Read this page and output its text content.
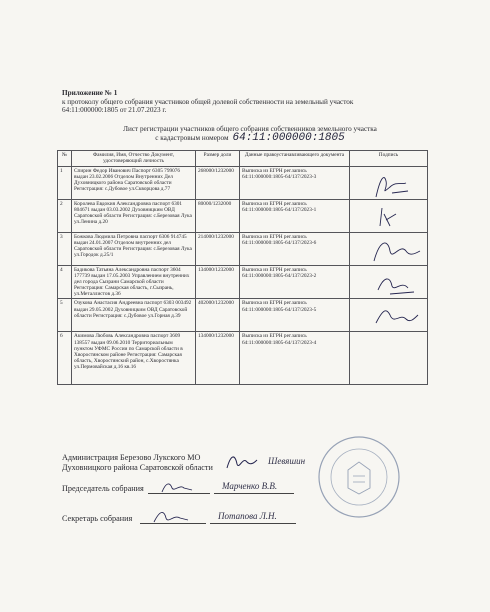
Приложение № 1
к протоколу общего собрания участников общей долевой собственности на земельный участок
64:11:000000:1805 от 21.07.2023 г.
Лист регистрации участников общего собрания собственников земельного участка
с кадастровым номером 64:11:000000:1805
№	Фамилия, Имя, Отчество Документ, удостоверяющий личность	Размер доли	Данные правоустанавливающего документа	Подпись
1	Спирин Федор Иванович Паспорт 6305 799076 выдан 23.02.2006 Отделом Внутренних Дел Духовницкого района Саратовской области Регистрация: с.Дубовое ул.Скворцова д.77	268000/1232000	Выписка из ЕГРН рег.запись 64:11:000000:1805-64/137/2023-3	

2	Королева Евдокия Александровна паспорт 6301 804671 выдан 03.03.2002 Духовницким ОВД Саратовской области Регистрация: с.Березовая Лука ул.Ленина д.20	80000/1232000	Выписка из ЕГРН рег.запись 64:11:000000:1805-64/137/2023-1	

3	Божкова Людмила Петровна паспорт 6306 914745 выдан 24.01.2007 Отделом внутренних дел Саратовской области Регистрация: с.Березовая Лука ул.Городок д.25/1	214000/1232000	Выписка из ЕГРН рег.запись 64:11:000000:1805-64/137/2023-6	

4	Бадикова Татьяна Александровна паспорт 3604 177739 выдан 17.05.2003 Управлением внутренних дел города Сызрани Самарской области Регистрация: Самарская область, г.Сызрань, ул.Металлистов д.36	134000/1232000	Выписка из ЕГРН рег.запись 64:11:000000:1805-64/137/2023-2	

5	Озукова Анастасия Андреевна паспорт 6303 003492 выдан 29.05.2002 Духовницким ОВД Саратовской области Регистрация: с.Дубовое ул.Горная д.39	402000/1232000	Выписка из ЕГРН рег.запись 64:11:000000:1805-64/137/2023-5	

6	Акимова Любовь Александровна паспорт 3609 138557 выдан 09.06.2010 Территориальным пунктом УФМС России по Самарской области в Хворостянском районе Регистрация: Самарская область, Хворостянский район, с.Хворостянка ул.Пермовайская д.16 кв.16	134000/1232000	Выписка из ЕГРН рег.запись 64:11:000000:1805-64/137/2023-4	
Администрация Березово Лукского МО
Духовницкого района Саратовской области
Шевяшин
Председатель собрания	Марченко В.В.
Секретарь собрания	Потапова Л.Н.
